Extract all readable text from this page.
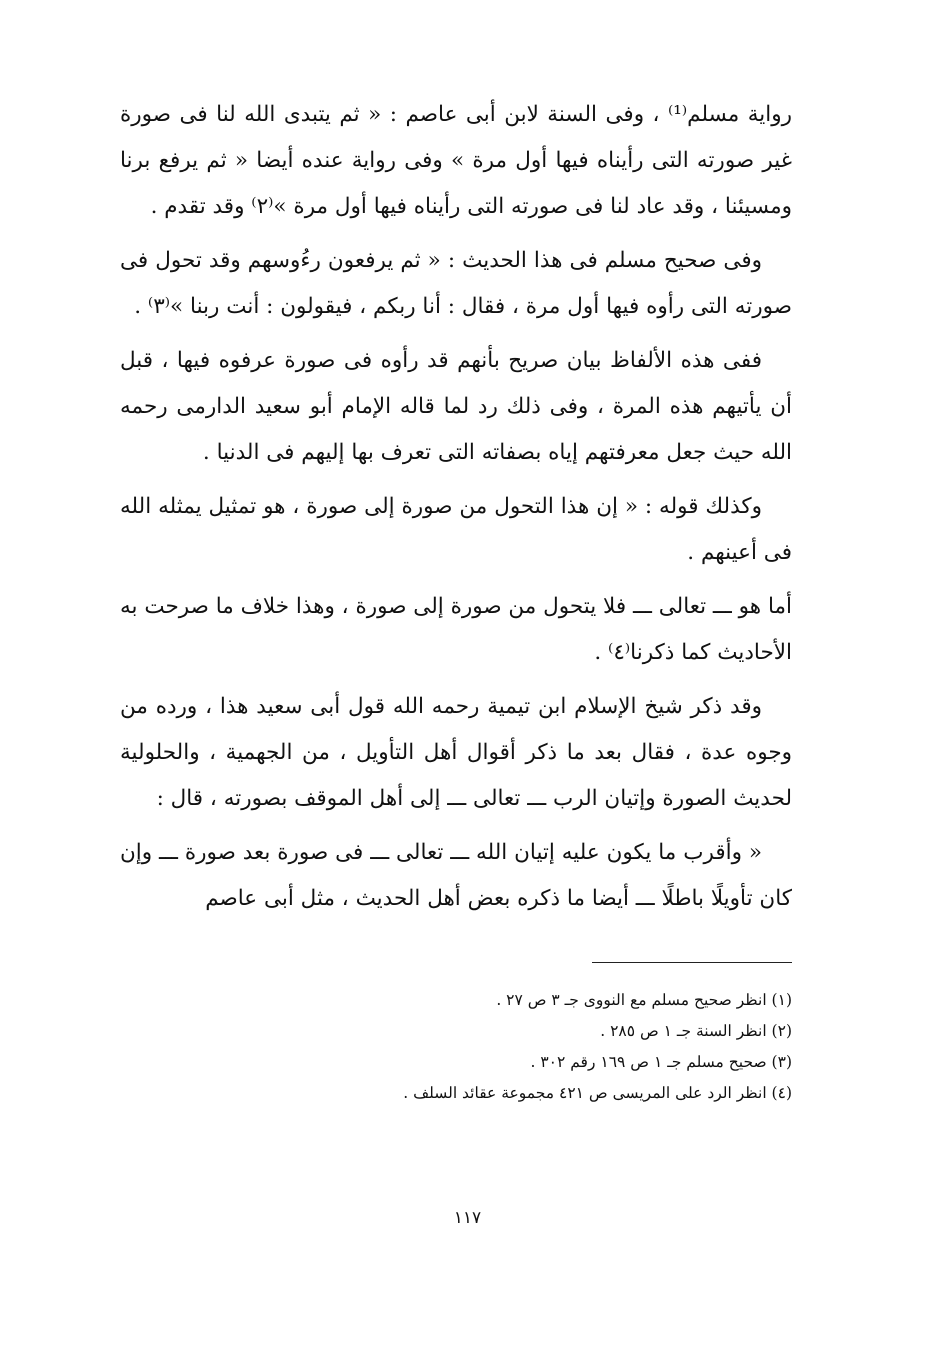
رواية مسلم⁽¹⁾ ، وفى السنة لابن أبى عاصم : « ثم يتبدى الله لنا فى صورة غير صورته التى رأيناه فيها أول مرة » وفى رواية عنده أيضا « ثم يرفع برنا ومسيئنا ، وقد عاد لنا فى صورته التى رأيناه فيها أول مرة »⁽٢⁾ وقد تقدم .

وفى صحيح مسلم فى هذا الحديث : « ثم يرفعون رءُوسهم وقد تحول فى صورته التى رأوه فيها أول مرة ، فقال : أنا ربكم ، فيقولون : أنت ربنا »⁽٣⁾ .

ففى هذه الألفاظ بيان صريح بأنهم قد رأوه فى صورة عرفوه فيها ، قبل أن يأتيهم هذه المرة ، وفى ذلك رد لما قاله الإمام أبو سعيد الدارمى رحمه الله حيث جعل معرفتهم إياه بصفاته التى تعرف بها إليهم فى الدنيا .

وكذلك قوله : « إن هذا التحول من صورة إلى صورة ، هو تمثيل يمثله الله فى أعينهم .

أما هو ـــ تعالى ـــ فلا يتحول من صورة إلى صورة ، وهذا خلاف ما صرحت به الأحاديث كما ذكرنا⁽٤⁾ .

وقد ذكر شيخ الإسلام ابن تيمية رحمه الله قول أبى سعيد هذا ، ورده من وجوه عدة ، فقال بعد ما ذكر أقوال أهل التأويل ، من الجهمية ، والحلولية لحديث الصورة وإتيان الرب ـــ تعالى ـــ إلى أهل الموقف بصورته ، قال :

« وأقرب ما يكون عليه إتيان الله ـــ تعالى ـــ فى صورة بعد صورة ـــ وإن كان تأويلًا باطلًا ـــ أيضا ما ذكره بعض أهل الحديث ، مثل أبى عاصم

(١) انظر صحيح مسلم مع النووى جـ ٣ ص ٢٧ .

(٢) انظر السنة جـ ١ ص ٢٨٥ .

(٣) صحيح مسلم جـ ١ ص ١٦٩ رقم ٣٠٢ .

(٤) انظر الرد على المريسى ص ٤٢١ مجموعة عقائد السلف .

١١٧
